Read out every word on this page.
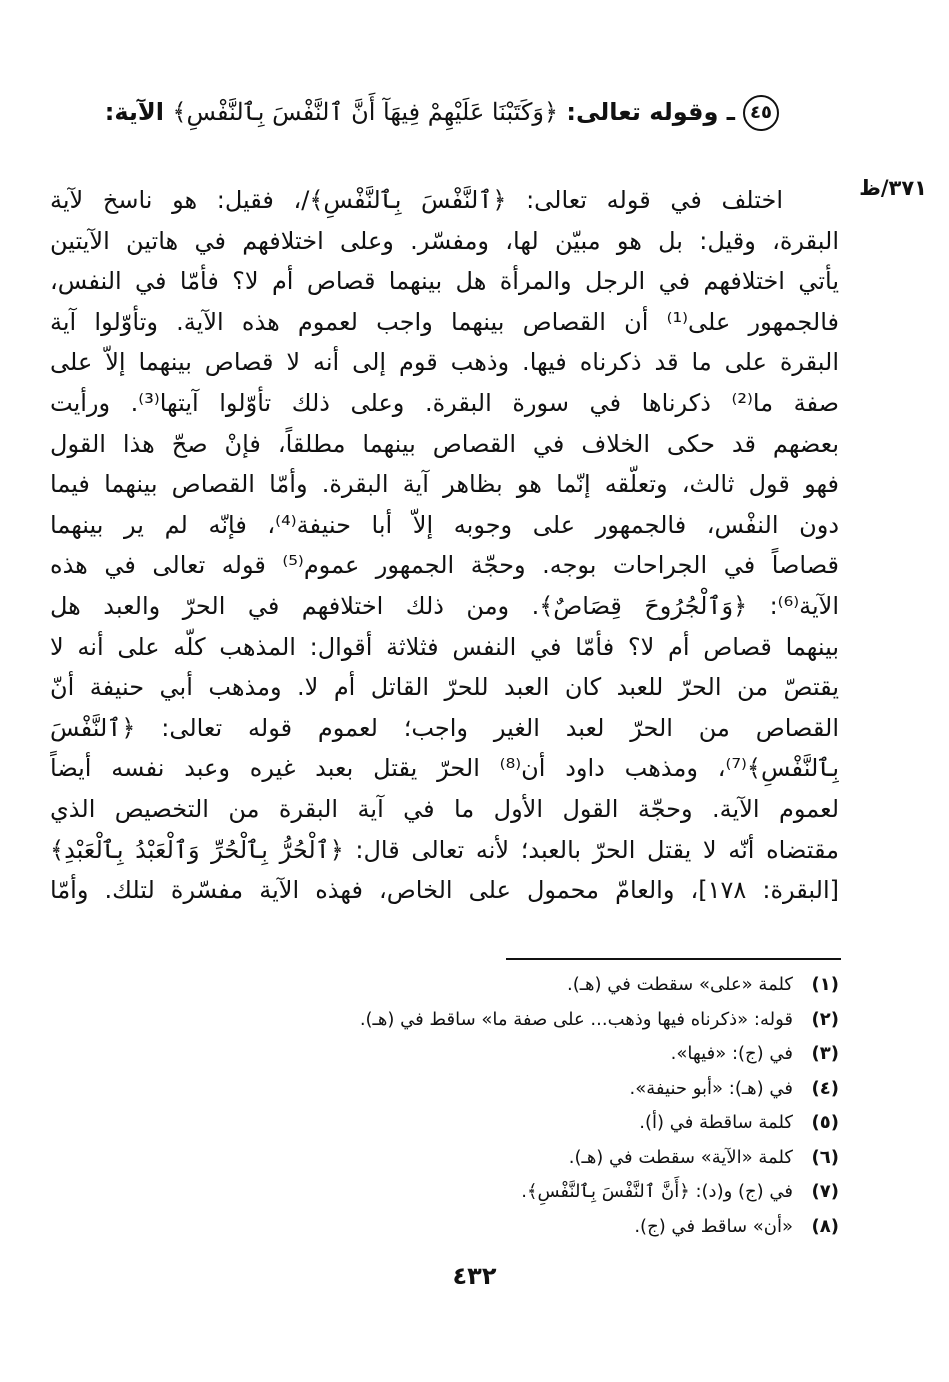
٤٥ـ وقوله تعالى: ﴿وَكَتَبْنَا عَلَيْهِمْ فِيهَآ أَنَّ ٱلنَّفْسَ بِٱلنَّفْسِ﴾ الآية:
٣٧١/ظ
اختلف في قوله تعالى: ﴿ٱلنَّفْسَ بِٱلنَّفْسِ﴾/، فقيل: هو ناسخ لآية
البقرة، وقيل: بل هو مبيّن لها، ومفسّر. وعلى اختلافهم في هاتين الآيتين
يأتي اختلافهم في الرجل والمرأة هل بينهما قصاص أم لا؟ فأمّا في النفس،
فالجمهور على⁽¹⁾ أن القصاص بينهما واجب لعموم هذه الآية. وتأوّلوا آية
البقرة على ما قد ذكرناه فيها. وذهب قوم إلى أنه لا قصاص بينهما إلاّ على
صفة ما⁽²⁾ ذكرناها في سورة البقرة. وعلى ذلك تأوّلوا آيتها⁽³⁾. ورأيت
بعضهم قد حكى الخلاف في القصاص بينهما مطلقاً، فإنْ صحّ هذا القول
فهو قول ثالث، وتعلّقه إنّما هو بظاهر آية البقرة. وأمّا القصاص بينهما فيما
دون النفْس، فالجمهور على وجوبه إلاّ أبا حنيفة⁽⁴⁾، فإنّه لم ير بينهما
قصاصاً في الجراحات بوجه. وحجّة الجمهور عموم⁽⁵⁾ قوله تعالى في هذه
الآية⁽⁶⁾: ﴿وَٱلْجُرُوحَ قِصَاصٌ﴾. ومن ذلك اختلافهم في الحرّ والعبد هل
بينهما قصاص أم لا؟ فأمّا في النفس فثلاثة أقوال: المذهب كلّه على أنه لا
يقتصّ من الحرّ للعبد كان العبد للحرّ القاتل أم لا. ومذهب أبي حنيفة أنّ
القصاص من الحرّ لعبد الغير واجب؛ لعموم قوله تعالى: ﴿ٱلنَّفْسَ
بِٱلنَّفْسِ﴾⁽⁷⁾، ومذهب داود أن⁽⁸⁾ الحرّ يقتل بعبد غيره وعبد نفسه أيضاً
لعموم الآية. وحجّة القول الأول ما في آية البقرة من التخصيص الذي
مقتضاه أنّه لا يقتل الحرّ بالعبد؛ لأنه تعالى قال: ﴿ٱلْحُرُّ بِٱلْحُرِّ وَٱلْعَبْدُ بِٱلْعَبْدِ﴾
[البقرة: ١٧٨]، والعامّ محمول على الخاص، فهذه الآية مفسّرة لتلك. وأمّا
(١)كلمة «على» سقطت في (هـ).
(٢)قوله: «ذكرناه فيها وذهب... على صفة ما» ساقط في (هـ).
(٣)في (ج): «فيها».
(٤)في (هـ): «أبو حنيفة».
(٥)كلمة ساقطة في (أ).
(٦)كلمة «الآية» سقطت في (هـ).
(٧)في (ج) و(د): ﴿أَنَّ ٱلنَّفْسَ بِٱلنَّفْسِ﴾.
(٨)«أن» ساقط في (ج).
٤٣٢
